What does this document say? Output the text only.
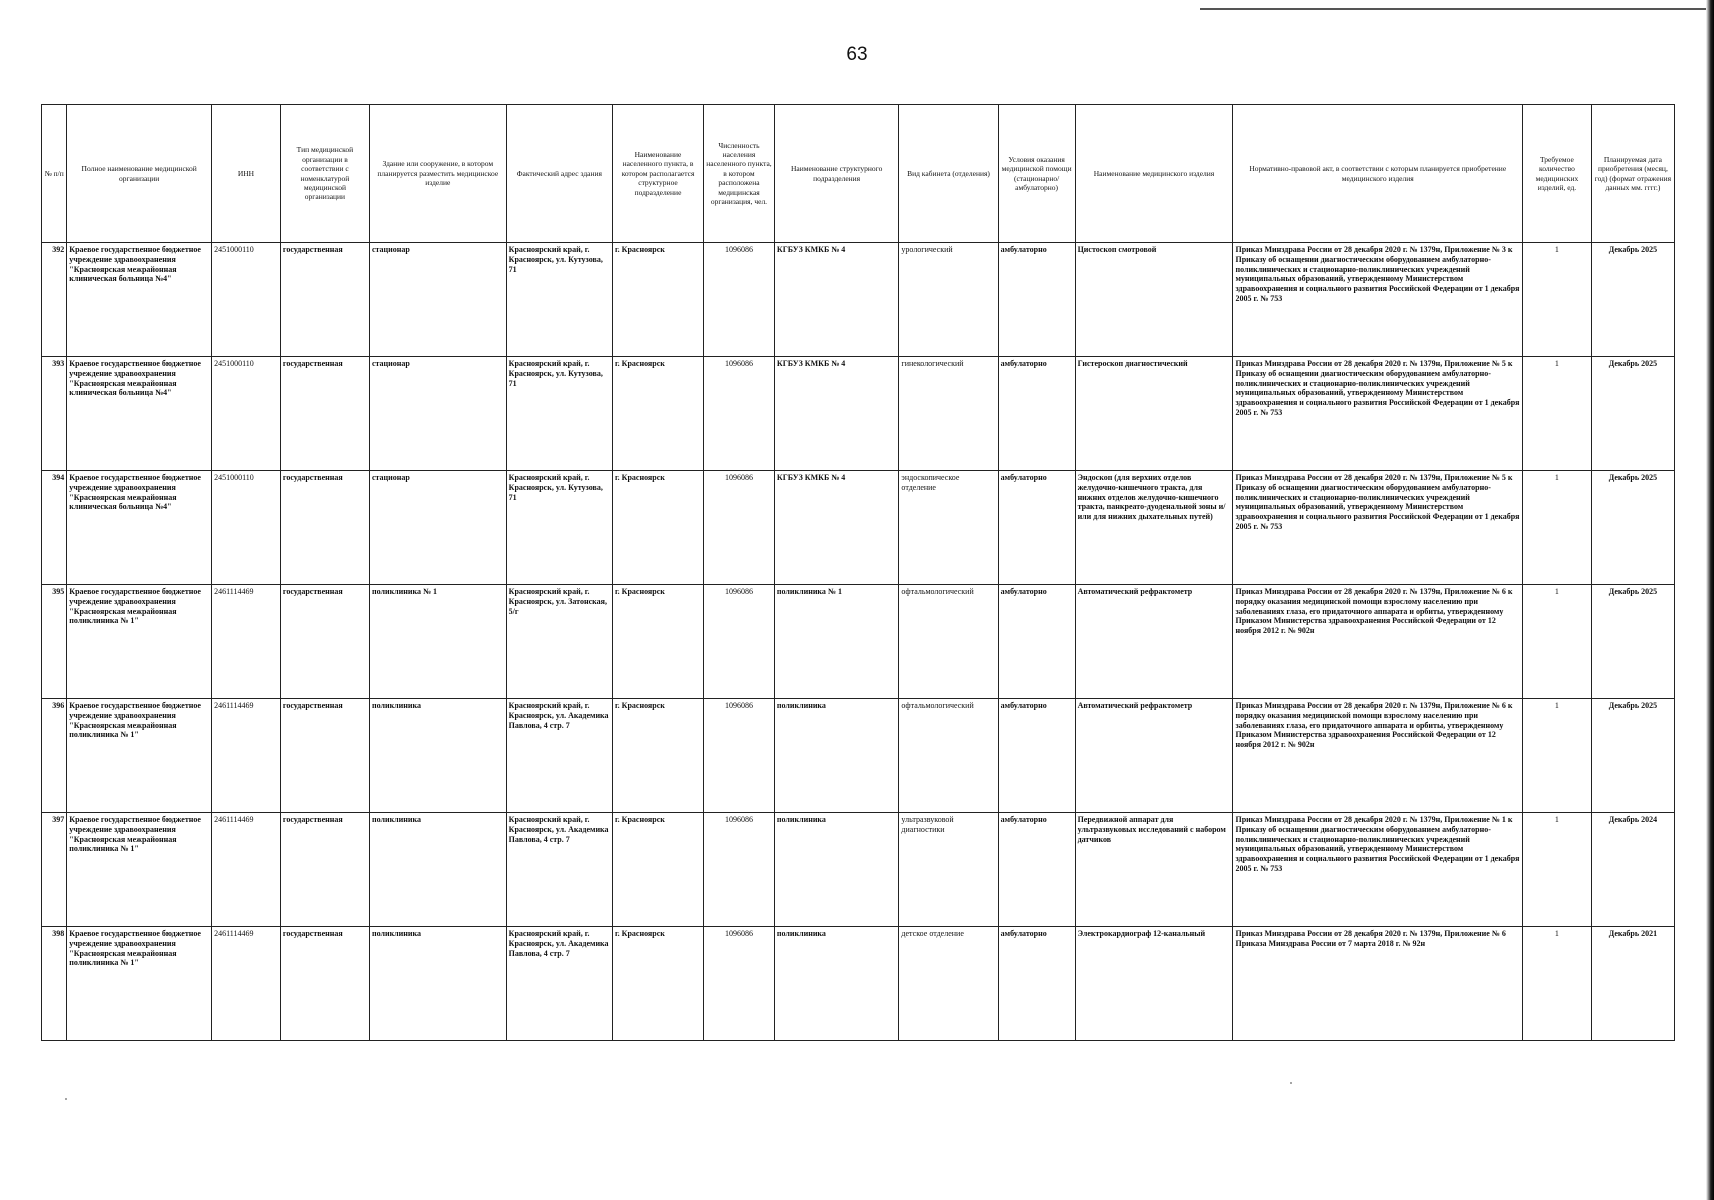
63
№ п/п	Полное наименование медицинской организации	ИНН	Тип медицинской организации в соответствии с номенклатурой медицинской организации	Здание или сооружение, в котором планируется разместить медицинское изделие	Фактический адрес здания	Наименование населенного пункта, в котором располагается структурное подразделение	Численность населения населенного пункта, в котором расположена медицинская организация, чел.	Наименование структурного подразделения	Вид кабинета (отделения)	Условия оказания медицинской помощи (стационарно/ амбулаторно)	Наименование медицинского изделия	Нормативно-правовой акт, в соответствии с которым планируется приобретение медицинского изделия	Требуемое количество медицинских изделий, ед.	Планируемая дата приобретения (месяц, год) (формат отражения данных мм. гггг.)
392	Краевое государственное бюджетное учреждение здравоохранения "Красноярская межрайонная клиническая больница №4"	2451000110	государственная	стационар	Красноярский край, г. Красноярск, ул. Кутузова, 71	г. Красноярск	1096086	КГБУЗ КМКБ № 4	урологический	амбулаторно	Цистоскоп смотровой	Приказ Минздрава России от 28 декабря 2020 г. № 1379н, Приложение № 3 к Приказу об оснащении диагностическим оборудованием амбулаторно-поликлинических и стационарно-поликлинических учреждений муниципальных образований, утвержденному Министерством здравоохранения и социального развития Российской Федерации от 1 декабря 2005 г. № 753	1	Декабрь 2025
393	Краевое государственное бюджетное учреждение здравоохранения "Красноярская межрайонная клиническая больница №4"	2451000110	государственная	стационар	Красноярский край, г. Красноярск, ул. Кутузова, 71	г. Красноярск	1096086	КГБУЗ КМКБ № 4	гинекологический	амбулаторно	Гистероскоп диагностический	Приказ Минздрава России от 28 декабря 2020 г. № 1379н, Приложение № 5 к Приказу об оснащении диагностическим оборудованием амбулаторно-поликлинических и стационарно-поликлинических учреждений муниципальных образований, утвержденному Министерством здравоохранения и социального развития Российской Федерации от 1 декабря 2005 г. № 753	1	Декабрь 2025
394	Краевое государственное бюджетное учреждение здравоохранения "Красноярская межрайонная клиническая больница №4"	2451000110	государственная	стационар	Красноярский край, г. Красноярск, ул. Кутузова, 71	г. Красноярск	1096086	КГБУЗ КМКБ № 4	эндоскопическое отделение	амбулаторно	Эндоскоп (для верхних отделов желудочно-кишечного тракта, для нижних отделов желудочно-кишечного тракта, панкреато-дуоденальной зоны и/или для нижних дыхательных путей)	Приказ Минздрава России от 28 декабря 2020 г. № 1379н, Приложение № 5 к Приказу об оснащении диагностическим оборудованием амбулаторно-поликлинических и стационарно-поликлинических учреждений муниципальных образований, утвержденному Министерством здравоохранения и социального развития Российской Федерации от 1 декабря 2005 г. № 753	1	Декабрь 2025
395	Краевое государственное бюджетное учреждение здравоохранения "Красноярская межрайонная поликлиника № 1"	2461114469	государственная	поликлиника № 1	Красноярский край, г. Красноярск, ул. Затонская, 5/г	г. Красноярск	1096086	поликлиника № 1	офтальмологический	амбулаторно	Автоматический рефрактометр	Приказ Минздрава России от 28 декабря 2020 г. № 1379н, Приложение № 6 к порядку оказания медицинской помощи взрослому населению при заболеваниях глаза, его придаточного аппарата и орбиты, утвержденному Приказом Министерства здравоохранения Российской Федерации от 12 ноября 2012 г. № 902н	1	Декабрь 2025
396	Краевое государственное бюджетное учреждение здравоохранения "Красноярская межрайонная поликлиника № 1"	2461114469	государственная	поликлиника	Красноярский край, г. Красноярск, ул. Академика Павлова, 4 стр. 7	г. Красноярск	1096086	поликлиника	офтальмологический	амбулаторно	Автоматический рефрактометр	Приказ Минздрава России от 28 декабря 2020 г. № 1379н, Приложение № 6 к порядку оказания медицинской помощи взрослому населению при заболеваниях глаза, его придаточного аппарата и орбиты, утвержденному Приказом Министерства здравоохранения Российской Федерации от 12 ноября 2012 г. № 902н	1	Декабрь 2025
397	Краевое государственное бюджетное учреждение здравоохранения "Красноярская межрайонная поликлиника № 1"	2461114469	государственная	поликлиника	Красноярский край, г. Красноярск, ул. Академика Павлова, 4 стр. 7	г. Красноярск	1096086	поликлиника	ультразвуковой диагностики	амбулаторно	Передвижной аппарат для ультразвуковых исследований с набором датчиков	Приказ Минздрава России от 28 декабря 2020 г. № 1379н, Приложение № 1 к Приказу об оснащении диагностическим оборудованием амбулаторно-поликлинических и стационарно-поликлинических учреждений муниципальных образований, утвержденному Министерством здравоохранения и социального развития Российской Федерации от 1 декабря 2005 г. № 753	1	Декабрь 2024
398	Краевое государственное бюджетное учреждение здравоохранения "Красноярская межрайонная поликлиника № 1"	2461114469	государственная	поликлиника	Красноярский край, г. Красноярск, ул. Академика Павлова, 4 стр. 7	г. Красноярск	1096086	поликлиника	детское отделение	амбулаторно	Электрокардиограф 12-канальный	Приказ Минздрава России от 28 декабря 2020 г. № 1379н, Приложение № 6 Приказа Минздрава России от 7 марта 2018 г. № 92н	1	Декабрь 2021
